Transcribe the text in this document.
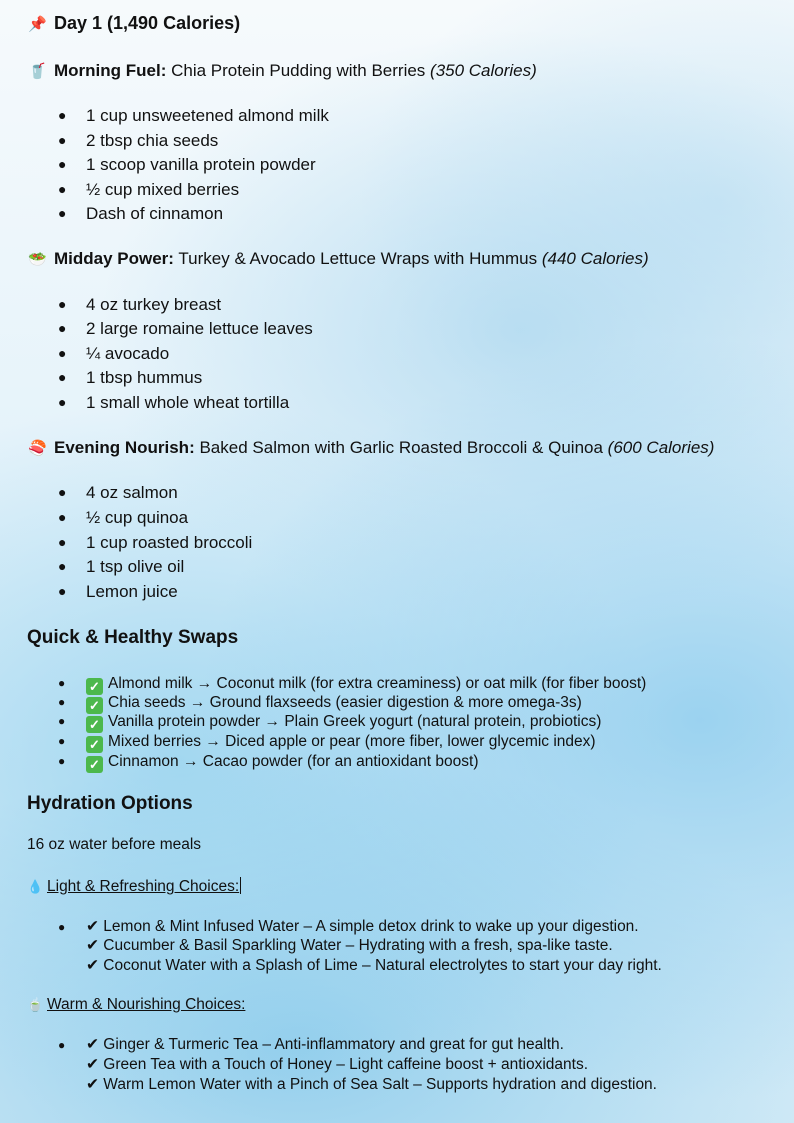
📌 Day 1 (1,490 Calories)
🥤 Morning Fuel: Chia Protein Pudding with Berries (350 Calories)
● 1 cup unsweetened almond milk
● 2 tbsp chia seeds
● 1 scoop vanilla protein powder
● ½ cup mixed berries
● Dash of cinnamon
🥗 Midday Power: Turkey & Avocado Lettuce Wraps with Hummus (440 Calories)
● 4 oz turkey breast
● 2 large romaine lettuce leaves
● ¼ avocado
● 1 tbsp hummus
● 1 small whole wheat tortilla
🍣 Evening Nourish: Baked Salmon with Garlic Roasted Broccoli & Quinoa (600 Calories)
● 4 oz salmon
● ½ cup quinoa
● 1 cup roasted broccoli
● 1 tsp olive oil
● Lemon juice
Quick & Healthy Swaps
● ✓ Almond milk → Coconut milk (for extra creaminess) or oat milk (for fiber boost)
● ✓ Chia seeds → Ground flaxseeds (easier digestion & more omega-3s)
● ✓ Vanilla protein powder → Plain Greek yogurt (natural protein, probiotics)
● ✓ Mixed berries → Diced apple or pear (more fiber, lower glycemic index)
● ✓ Cinnamon → Cacao powder (for an antioxidant boost)
Hydration Options
16 oz water before meals
💧 Light & Refreshing Choices:
● ✔ Lemon & Mint Infused Water – A simple detox drink to wake up your digestion.
✔ Cucumber & Basil Sparkling Water – Hydrating with a fresh, spa-like taste.
✔ Coconut Water with a Splash of Lime – Natural electrolytes to start your day right.
🍵 Warm & Nourishing Choices:
● ✔ Ginger & Turmeric Tea – Anti-inflammatory and great for gut health.
✔ Green Tea with a Touch of Honey – Light caffeine boost + antioxidants.
✔ Warm Lemon Water with a Pinch of Sea Salt – Supports hydration and digestion.
